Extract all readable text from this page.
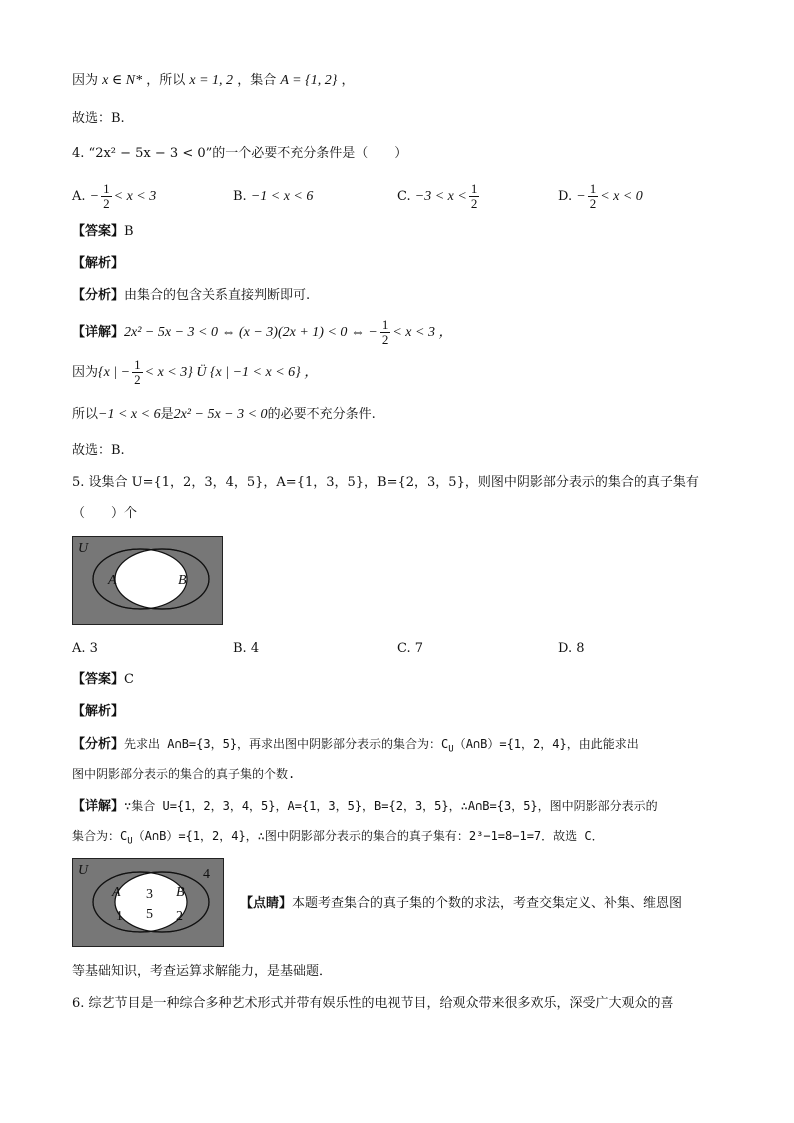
因为 x ∈ N* ，所以 x = 1, 2 ，集合 A = {1, 2} ，
故选：B.
4. “2x² − 5x − 3 < 0”的一个必要不充分条件是（　　）
A. − $\frac{1}{2} < x < 3$	B. −1 < x < 6	C. $-3 < x < \frac{1}{2}$	D. − $\frac{1}{2} < x < 0$
【答案】B
【解析】
【分析】由集合的包含关系直接判断即可.
【详解】2x² − 5x − 3 < 0 ⇔ (x − 3)(2x + 1) < 0 ⇔ − $\frac{1}{2} < x < 3$ ，
因为{x | − $\frac{1}{2} < x < 3$} Ü {x | −1 < x < 6} ，
所以−1 < x < 6是2x² − 5x − 3 < 0的必要不充分条件.
故选：B.
5. 设集合 U={1，2，3，4，5}，A={1，3，5}，B={2，3，5}，则图中阴影部分表示的集合的真子集有
（　　）个
U
A	B
A. 3	B. 4	C. 7	D. 8
【答案】C
【解析】
【分析】先求出 A∩B={3，5}，再求出图中阴影部分表示的集合为：$C_U(A\cap B)=\{1$，2，4}，由此能求出
图中阴影部分表示的集合的真子集的个数.
【详解】∵集合 U={1，2，3，4，5}，A={1，3，5}，B={2，3，5}，∴A∩B={3，5}，图中阴影部分表示的
集合为：$C_U(A\cap B)=\{1$，2，4}，∴图中阴影部分表示的集合的真子集有：2³−1=8−1=7．故选 C．
U
A	B
3
5
1	2
4
【点睛】本题考查集合的真子集的个数的求法，考查交集定义、补集、维恩图
等基础知识，考查运算求解能力，是基础题．
6. 综艺节目是一种综合多种艺术形式并带有娱乐性的电视节目，给观众带来很多欢乐，深受广大观众的喜
